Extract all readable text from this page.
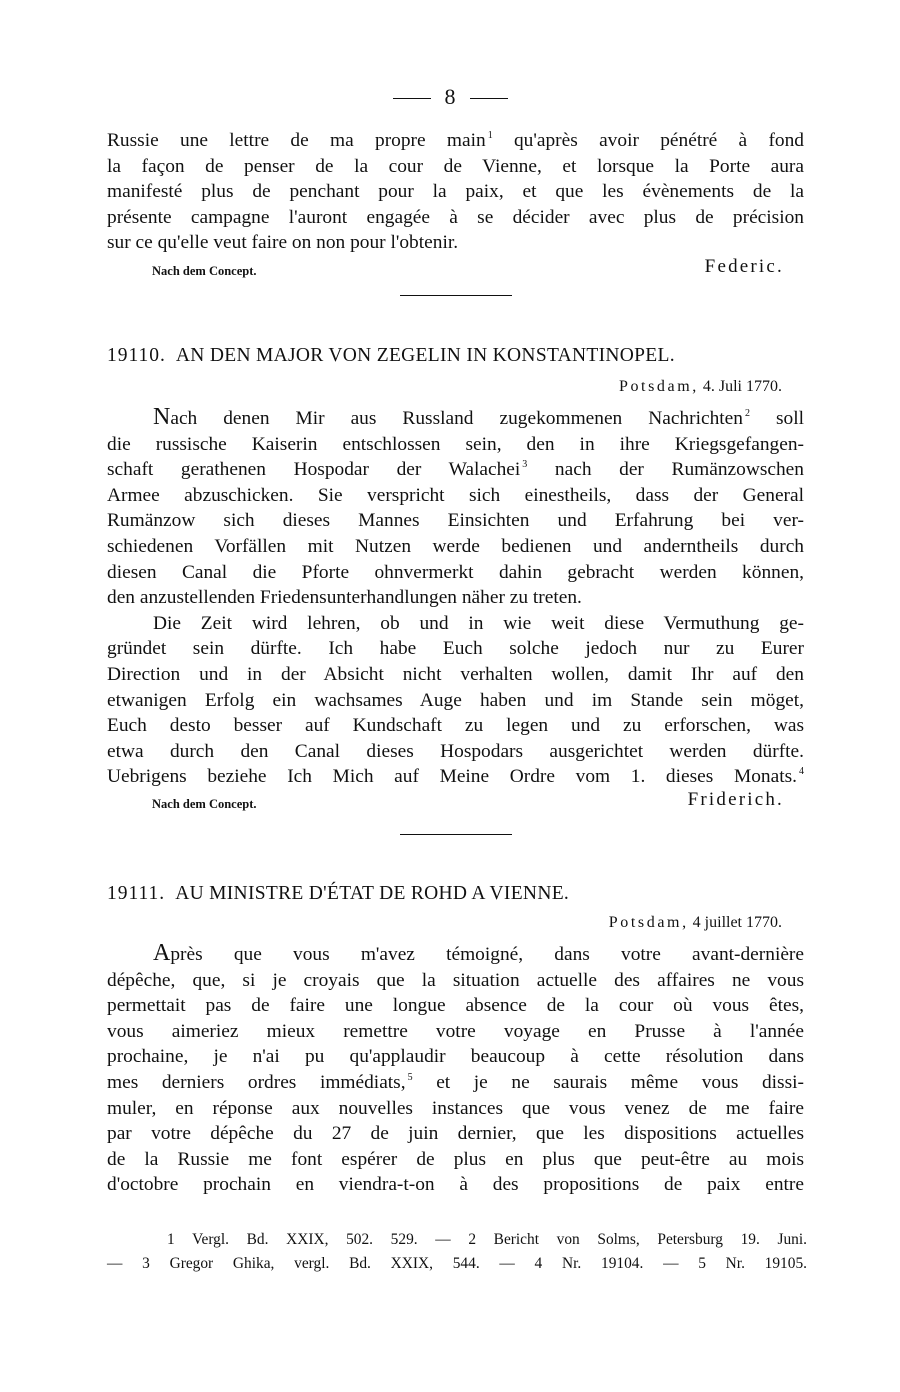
8

Russie une lettre de ma propre main $^1$ qu'après avoir pénétré à fond

la façon de penser de la cour de Vienne, et lorsque la Porte aura

manifesté plus de penchant pour la paix, et que les évènements de la

présente campagne l'auront engagée à se décider avec plus de précision

sur ce qu'elle veut faire on non pour l'obtenir.

Nach dem Concept.	Federic.
19110. AN DEN MAJOR VON ZEGELIN IN KONSTANTINOPEL.
Potsdam, 4. Juli 1770.

Nach denen Mir aus Russland zugekommenen Nachrichten $^2$ soll

die russische Kaiserin entschlossen sein, den in ihre Kriegsgefangen-

schaft gerathenen Hospodar der Walachei $^3$ nach der Rumänzowschen

Armee abzuschicken. Sie verspricht sich einestheils, dass der General

Rumänzow sich dieses Mannes Einsichten und Erfahrung bei ver-

schiedenen Vorfällen mit Nutzen werde bedienen und anderntheils durch

diesen Canal die Pforte ohnvermerkt dahin gebracht werden können,

den anzustellenden Friedensunterhandlungen näher zu treten.

Die Zeit wird lehren, ob und in wie weit diese Vermuthung ge-

gründet sein dürfte. Ich habe Euch solche jedoch nur zu Eurer

Direction und in der Absicht nicht verhalten wollen, damit Ihr auf den

etwanigen Erfolg ein wachsames Auge haben und im Stande sein möget,

Euch desto besser auf Kundschaft zu legen und zu erforschen, was

etwa durch den Canal dieses Hospodars ausgerichtet werden dürfte.

Uebrigens beziehe Ich Mich auf Meine Ordre vom 1. dieses Monats. $^4$

Nach dem Concept.	Friderich.
19111. AU MINISTRE D'ÉTAT DE ROHD A VIENNE.
Potsdam, 4 juillet 1770.

Après que vous m'avez témoigné, dans votre avant-dernière

dépêche, que, si je croyais que la situation actuelle des affaires ne vous

permettait pas de faire une longue absence de la cour où vous êtes,

vous aimeriez mieux remettre votre voyage en Prusse à l'année

prochaine, je n'ai pu qu'applaudir beaucoup à cette résolution dans

mes derniers ordres immédiats, $^5$ et je ne saurais même vous dissi-

muler, en réponse aux nouvelles instances que vous venez de me faire

par votre dépêche du 27 de juin dernier, que les dispositions actuelles

de la Russie me font espérer de plus en plus que peut-être au mois

d'octobre prochain en viendra-t-on à des propositions de paix entre

1 Vergl. Bd. XXIX, 502. 529. — 2 Bericht von Solms, Petersburg 19. Juni.

— 3 Gregor Ghika, vergl. Bd. XXIX, 544. — 4 Nr. 19104. — 5 Nr. 19105.
